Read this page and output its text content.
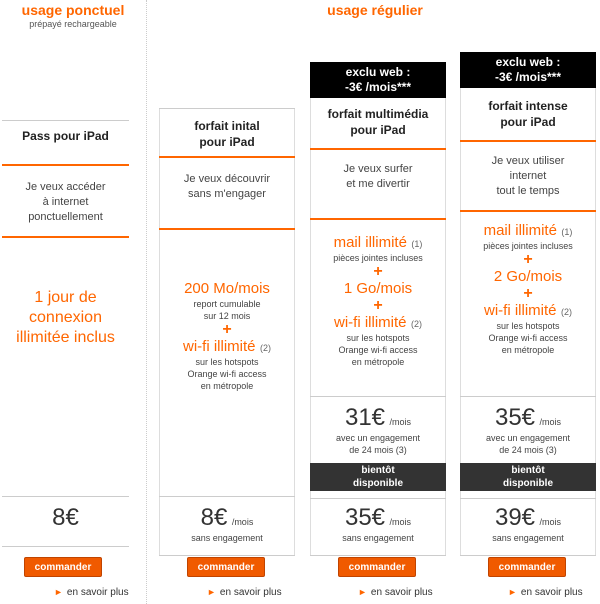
usage ponctuel
prépayé rechargeable
usage régulier
Pass pour iPad
Je veux accéder
à internet
ponctuellement
1 jour de
connexion
illimitée inclus
8€
commander
► en savoir plus
forfait inital
pour iPad
Je veux découvrir
sans m'engager
200 Mo/mois
report cumulable
sur 12 mois
+
wi-fi illimité (2)
sur les hotspots
Orange wi-fi access
en métropole
8€ /mois
sans engagement
commander
► en savoir plus
exclu web :
-3€ /mois***
forfait multimédia
pour iPad
Je veux surfer
et me divertir
mail illimité (1)
pièces jointes incluses
+
1 Go/mois
+
wi-fi illimité (2)
sur les hotspots
Orange wi-fi access
en métropole
31€ /mois
avec un engagement
de 24 mois (3)
bientôt
disponible
35€ /mois
sans engagement
commander
► en savoir plus
exclu web :
-3€ /mois***
forfait intense
pour iPad
Je veux utiliser
internet
tout le temps
mail illimité (1)
pièces jointes incluses
+
2 Go/mois
+
wi-fi illimité (2)
sur les hotspots
Orange wi-fi access
en métropole
35€ /mois
avec un engagement
de 24 mois (3)
bientôt
disponible
39€ /mois
sans engagement
commander
► en savoir plus
